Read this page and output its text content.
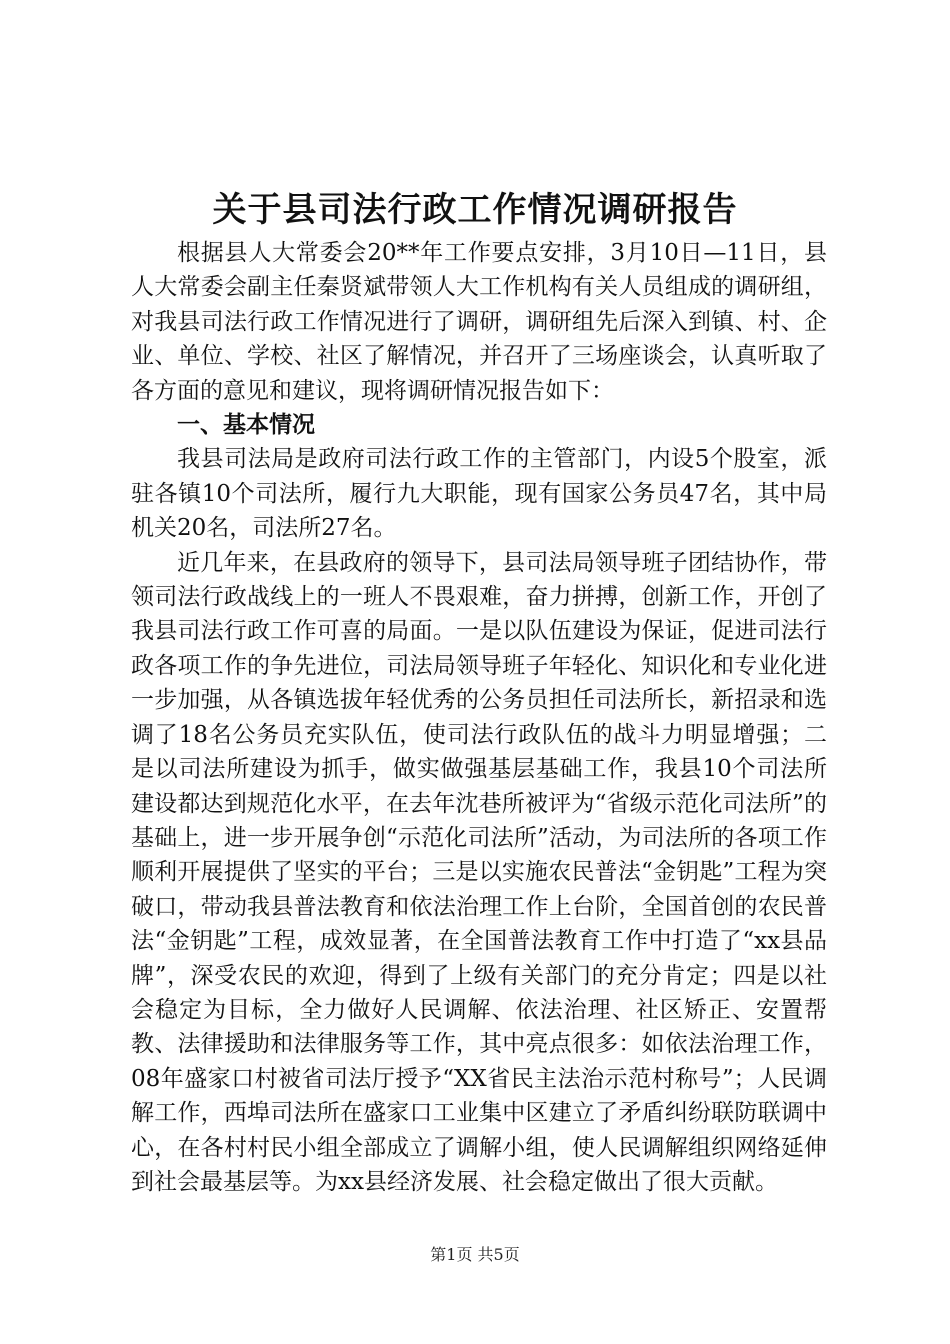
关于县司法行政工作情况调研报告

根据县人大常委会20**年工作要点安排，3月10日—11日，县人大常委会副主任秦贤斌带领人大工作机构有关人员组成的调研组，对我县司法行政工作情况进行了调研，调研组先后深入到镇、村、企业、单位、学校、社区了解情况，并召开了三场座谈会，认真听取了各方面的意见和建议，现将调研情况报告如下：

一、基本情况

我县司法局是政府司法行政工作的主管部门，内设5个股室，派驻各镇10个司法所，履行九大职能，现有国家公务员47名，其中局机关20名，司法所27名。

近几年来，在县政府的领导下，县司法局领导班子团结协作，带领司法行政战线上的一班人不畏艰难，奋力拼搏，创新工作，开创了我县司法行政工作可喜的局面。一是以队伍建设为保证，促进司法行政各项工作的争先进位，司法局领导班子年轻化、知识化和专业化进一步加强，从各镇选拔年轻优秀的公务员担任司法所长，新招录和选调了18名公务员充实队伍，使司法行政队伍的战斗力明显增强；二是以司法所建设为抓手，做实做强基层基础工作，我县10个司法所建设都达到规范化水平，在去年沈巷所被评为“省级示范化司法所”的基础上，进一步开展争创“示范化司法所”活动，为司法所的各项工作顺利开展提供了坚实的平台；三是以实施农民普法“金钥匙”工程为突破口，带动我县普法教育和依法治理工作上台阶，全国首创的农民普法“金钥匙”工程，成效显著，在全国普法教育工作中打造了“xx县品牌”，深受农民的欢迎，得到了上级有关部门的充分肯定；四是以社会稳定为目标，全力做好人民调解、依法治理、社区矫正、安置帮教、法律援助和法律服务等工作，其中亮点很多：如依法治理工作，08年盛家口村被省司法厅授予“XX省民主法治示范村称号”；人民调解工作，西埠司法所在盛家口工业集中区建立了矛盾纠纷联防联调中心，在各村村民小组全部成立了调解小组，使人民调解组织网络延伸到社会最基层等。为xx县经济发展、社会稳定做出了很大贡献。

第1页 共5页
